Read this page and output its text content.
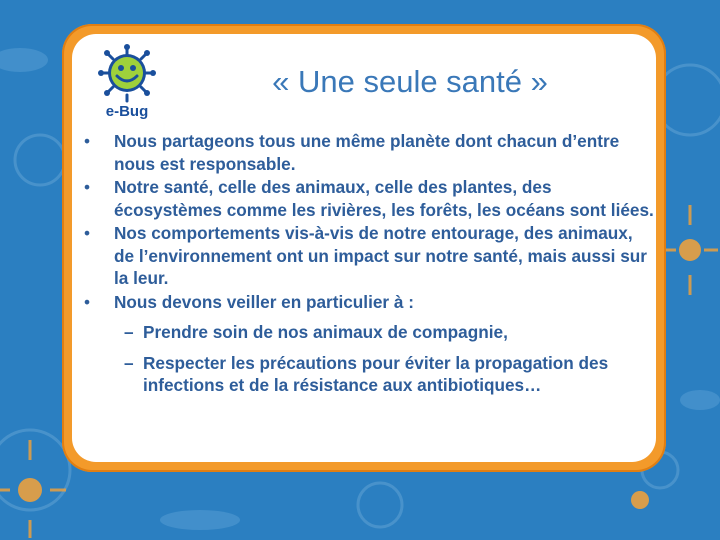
e-Bug
« Une seule santé »
•	Nous partageons tous une même planète dont chacun d’entre nous est responsable.
•	Notre santé, celle des animaux, celle des plantes, des écosystèmes comme les rivières, les forêts, les océans sont liées.
•	Nos comportements vis-à-vis de notre entourage, des animaux, de l’environnement ont un impact sur notre santé, mais aussi sur la leur.
•	Nous devons veiller en particulier à :
– Prendre soin de nos animaux de compagnie,
– Respecter les précautions pour éviter la propagation des infections et de la résistance aux antibiotiques…
